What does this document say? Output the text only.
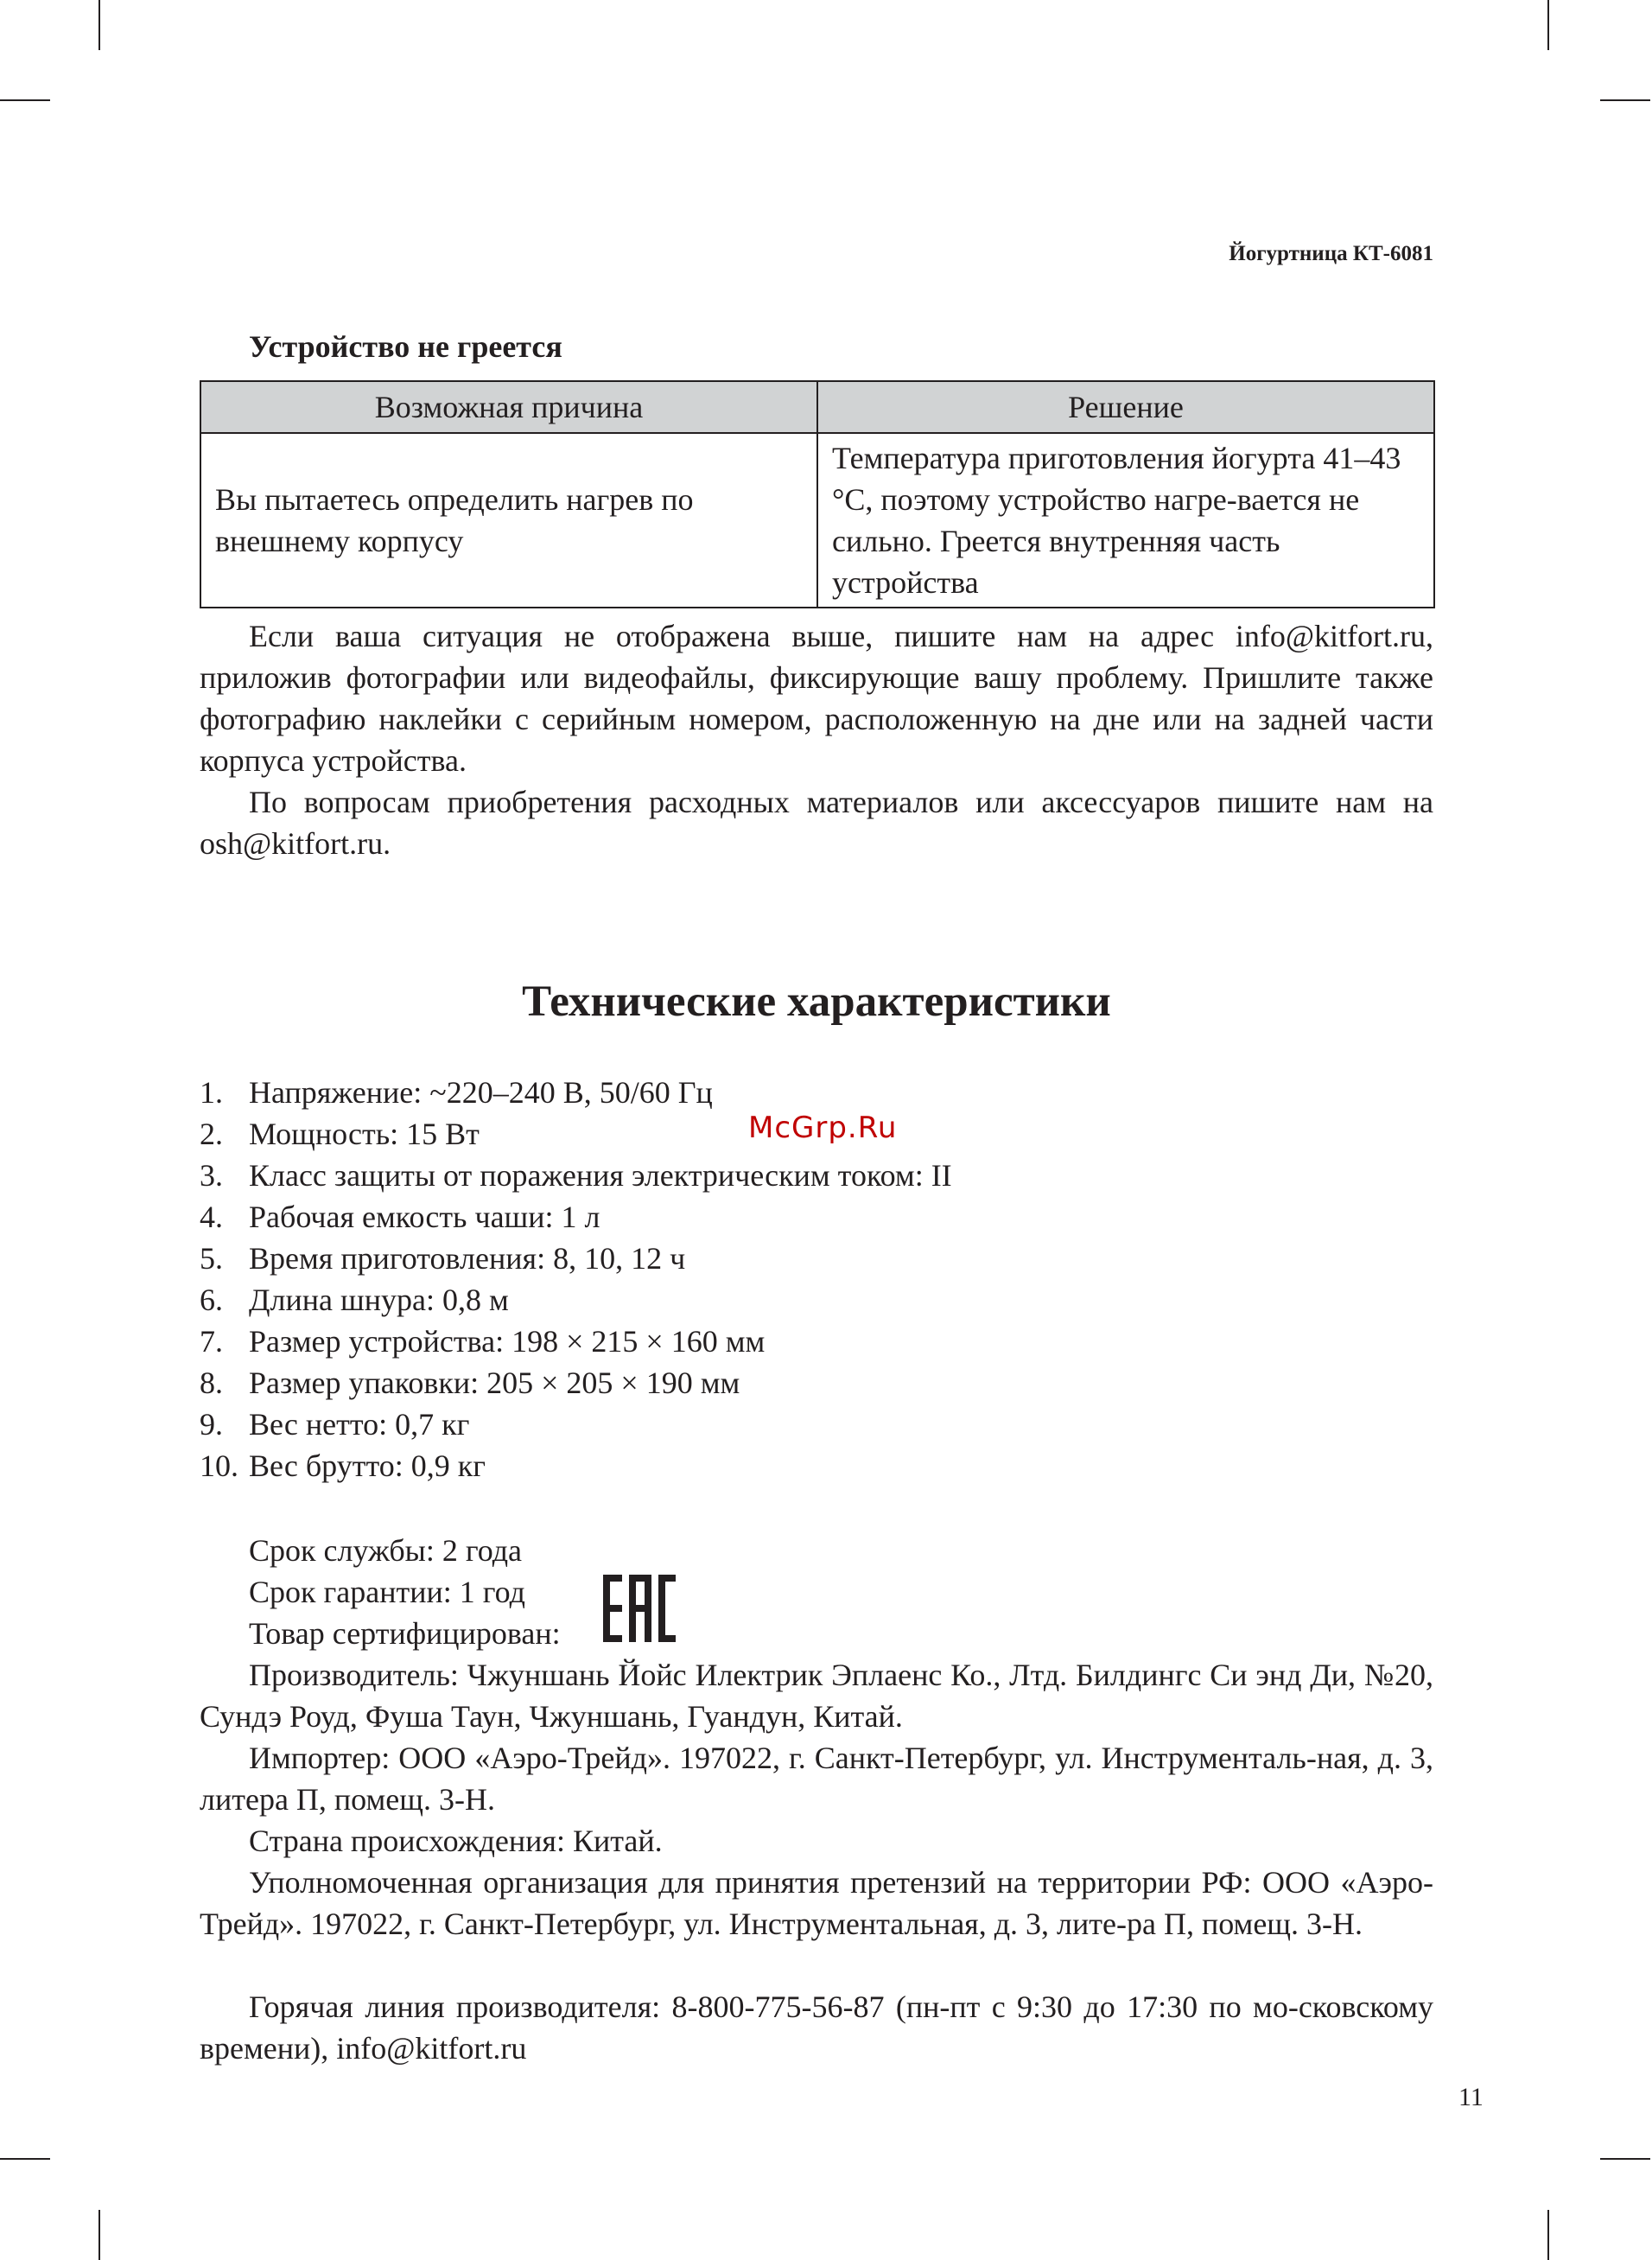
Йогуртница КТ-6081

Устройство не греется
Возможная причина	Решение
Вы пытаетесь определить нагрев по внешнему корпусу	Температура приготовления йогурта 41–43 °С, поэтому устройство нагре-вается не сильно. Греется внутренняя часть устройства

Если ваша ситуация не отображена выше, пишите нам на адрес info@kitfort.ru, приложив фотографии или видеофайлы, фиксирующие вашу проблему. Пришлите также фотографию наклейки с серийным номером, расположенную на дне или на задней части корпуса устройства.

По вопросам приобретения расходных материалов или аксессуаров пишите нам на osh@kitfort.ru.

Технические характеристики
1. Напряжение: ~220–240 В, 50/60 Гц
2. Мощность: 15 Вт
3. Класс защиты от поражения электрическим током: II
4. Рабочая емкость чаши: 1 л
5. Время приготовления: 8, 10, 12 ч
6. Длина шнура: 0,8 м
7. Размер устройства: 198 × 215 × 160 мм
8. Размер упаковки: 205 × 205 × 190 мм
9. Вес нетто: 0,7 кг
10. Вес брутто: 0,9 кг
McGrp.Ru

Срок службы: 2 года

Срок гарантии: 1 год

Товар сертифицирован:

Производитель: Чжуншань Йойс Илектрик Эплаенс Ко., Лтд. Билдингс Си энд Ди, №20, Сундэ Роуд, Фуша Таун, Чжуншань, Гуандун, Китай.

Импортер: ООО «Аэро-Трейд». 197022, г. Санкт-Петербург, ул. Инструменталь-ная, д. 3, литера П, помещ. 3-Н.

Страна происхождения: Китай.

Уполномоченная организация для принятия претензий на территории РФ: ООО «Аэро-Трейд». 197022, г. Санкт-Петербург, ул. Инструментальная, д. 3, лите-ра П, помещ. 3-Н.

Горячая линия производителя: 8-800-775-56-87 (пн-пт с 9:30 до 17:30 по мо-сковскому времени), info@kitfort.ru

11
